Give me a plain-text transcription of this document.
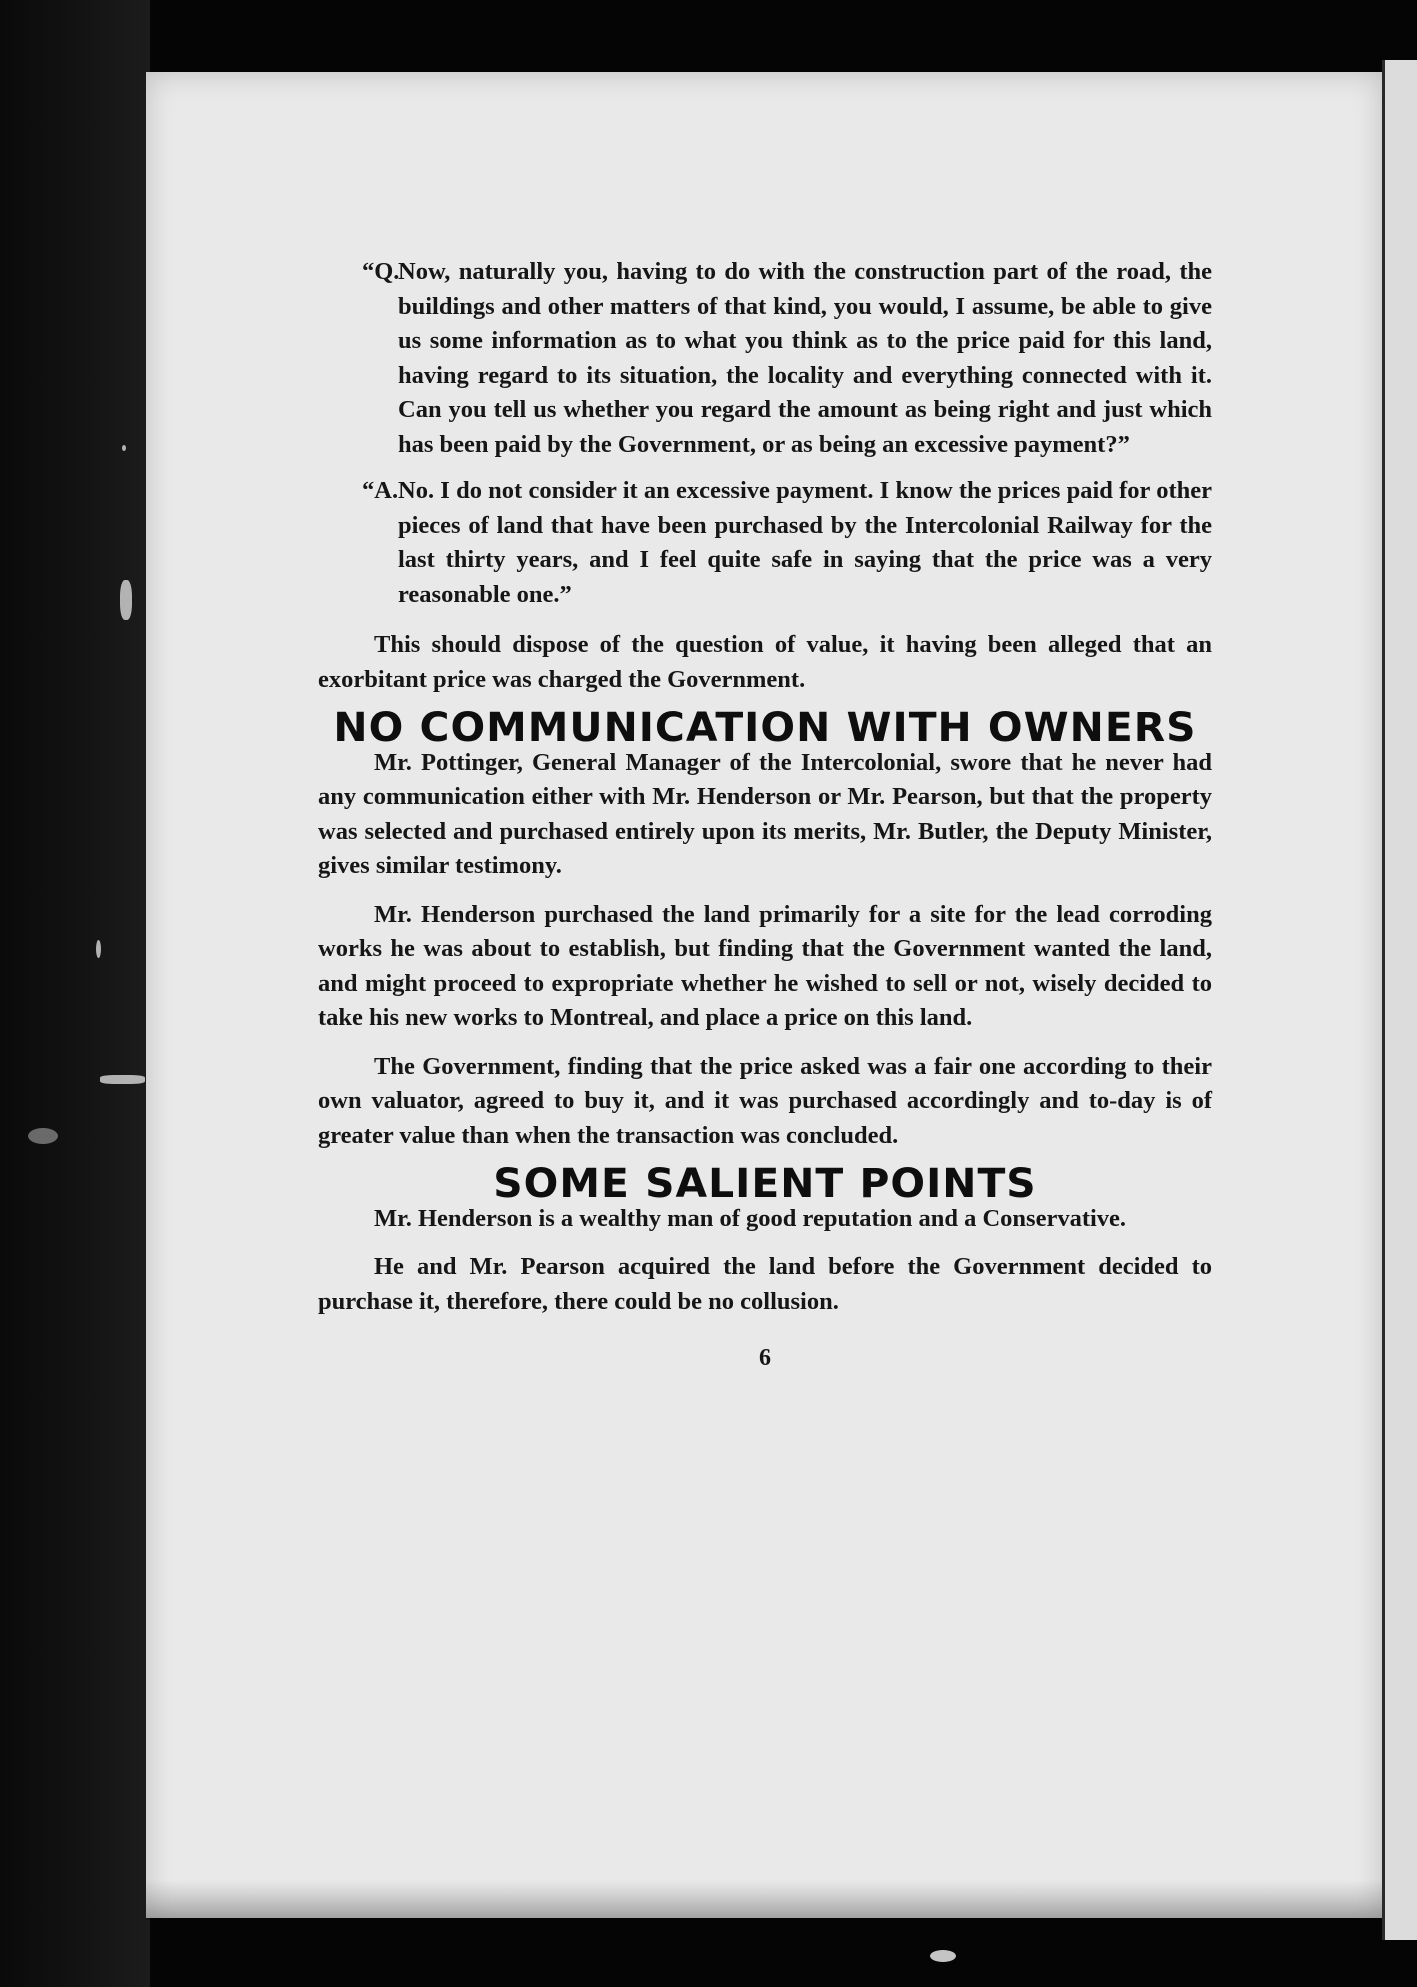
“Q.
Now, naturally you, having to do with the construction part of the road, the buildings and other matters of that kind, you would, I assume, be able to give us some information as to what you think as to the price paid for this land, having regard to its situation, the locality and everything connected with it. Can you tell us whether you regard the amount as being right and just which has been paid by the Government, or as being an excessive payment?”
“A. No. I do not consider it an excessive payment. I know the prices paid for other pieces of land that have been purchased by the Intercolonial Railway for the last thirty years, and I feel quite safe in saying that the price was a very reasonable one.”

This should dispose of the question of value, it having been alleged that an exorbitant price was charged the Government.

NO COMMUNICATION WITH OWNERS

Mr. Pottinger, General Manager of the Intercolonial, swore that he never had any communication either with Mr. Henderson or Mr. Pearson, but that the property was selected and purchased entirely upon its merits, Mr. Butler, the Deputy Minister, gives similar testimony.

Mr. Henderson purchased the land primarily for a site for the lead corroding works he was about to establish, but finding that the Government wanted the land, and might proceed to expropriate whether he wished to sell or not, wisely decided to take his new works to Montreal, and place a price on this land.

The Government, finding that the price asked was a fair one according to their own valuator, agreed to buy it, and it was purchased accordingly and to-day is of greater value than when the transaction was concluded.

SOME SALIENT POINTS

Mr. Henderson is a wealthy man of good reputation and a Conservative.

He and Mr. Pearson acquired the land before the Government decided to purchase it, therefore, there could be no collusion.

6
